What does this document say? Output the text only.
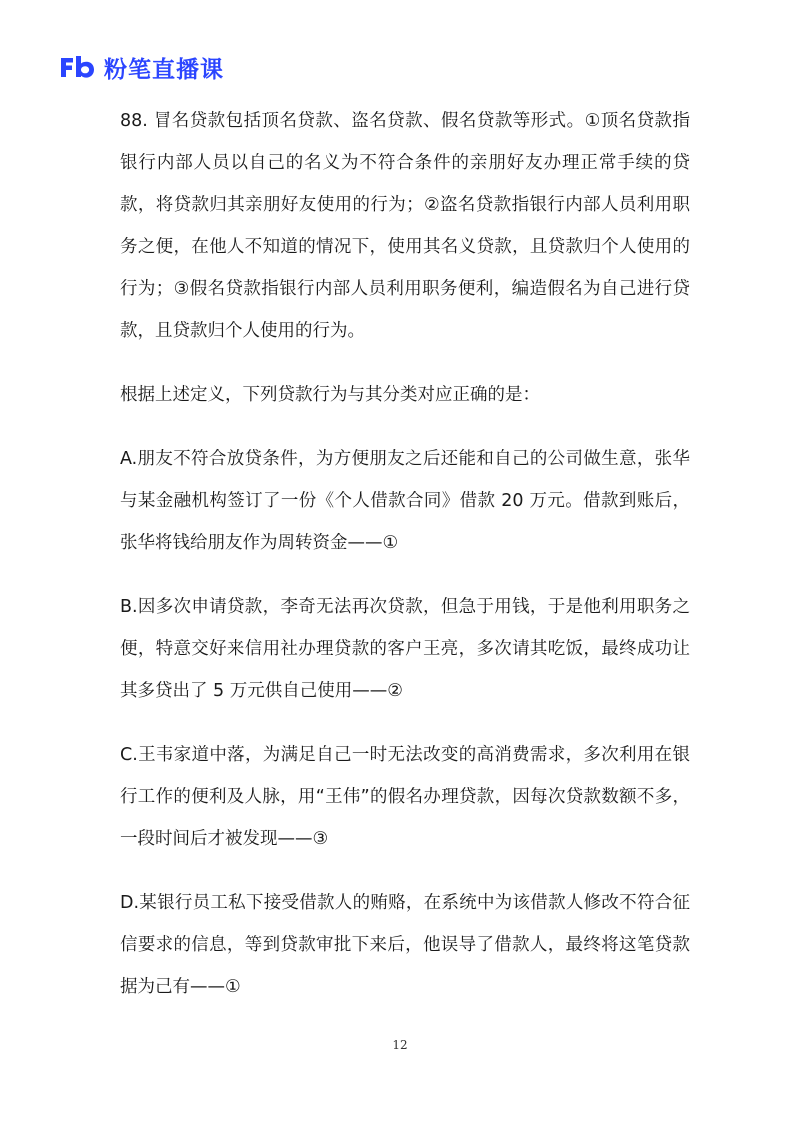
粉笔直播课

88. 冒名贷款包括顶名贷款、盗名贷款、假名贷款等形式。①顶名贷款指银行内部人员以自己的名义为不符合条件的亲朋好友办理正常手续的贷款，将贷款归其亲朋好友使用的行为；②盗名贷款指银行内部人员利用职务之便，在他人不知道的情况下，使用其名义贷款，且贷款归个人使用的行为；③假名贷款指银行内部人员利用职务便利，编造假名为自己进行贷款，且贷款归个人使用的行为。

根据上述定义，下列贷款行为与其分类对应正确的是：

A.朋友不符合放贷条件，为方便朋友之后还能和自己的公司做生意，张华与某金融机构签订了一份《个人借款合同》借款 20 万元。借款到账后，张华将钱给朋友作为周转资金——①

B.因多次申请贷款，李奇无法再次贷款，但急于用钱，于是他利用职务之便，特意交好来信用社办理贷款的客户王亮，多次请其吃饭，最终成功让其多贷出了 5 万元供自己使用——②

C.王韦家道中落，为满足自己一时无法改变的高消费需求，多次利用在银行工作的便利及人脉，用“王伟”的假名办理贷款，因每次贷款数额不多，一段时间后才被发现——③

D.某银行员工私下接受借款人的贿赂，在系统中为该借款人修改不符合征信要求的信息，等到贷款审批下来后，他误导了借款人，最终将这笔贷款据为己有——①

12
